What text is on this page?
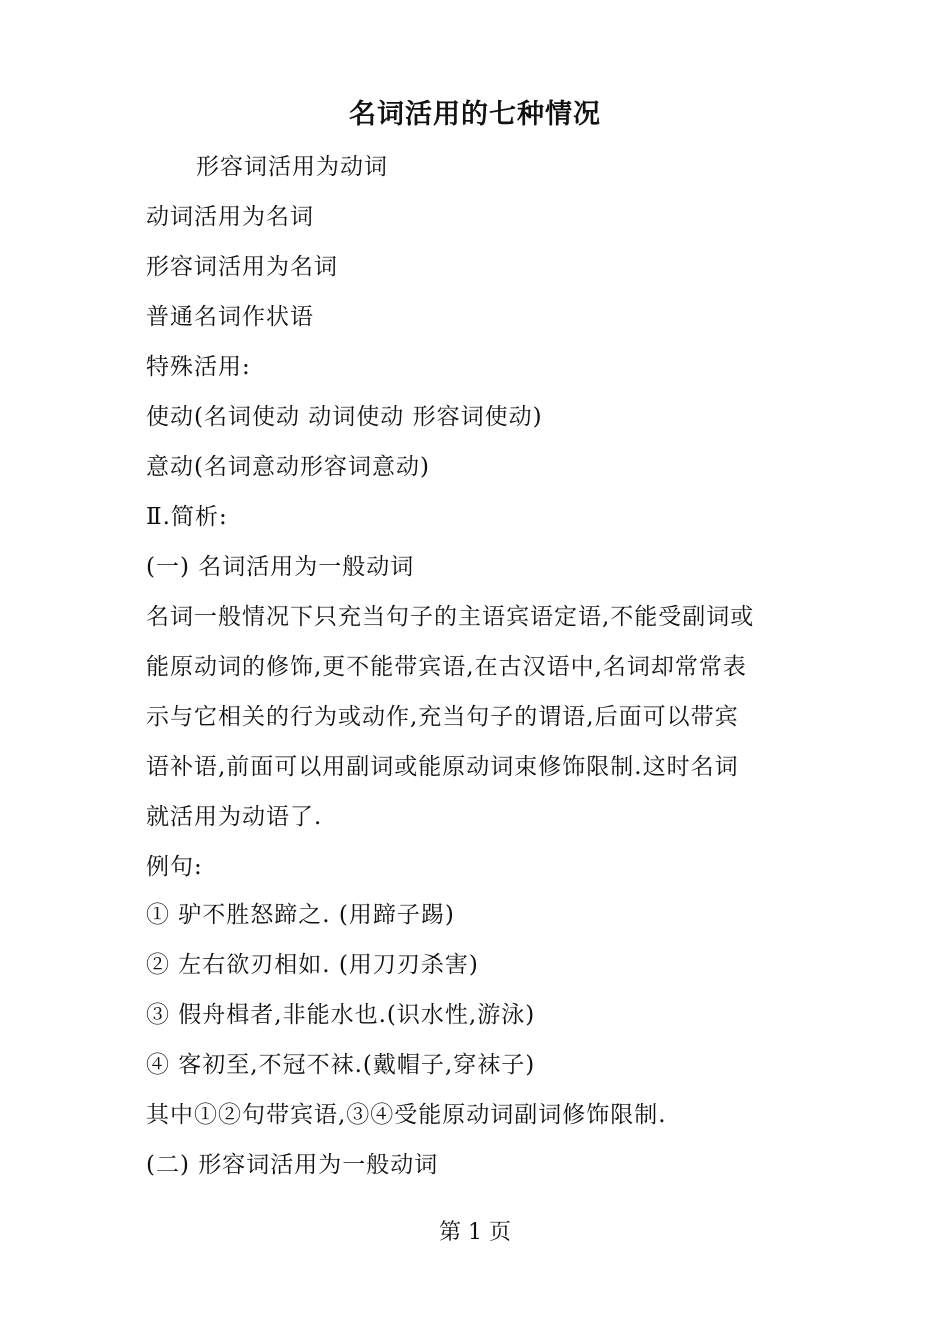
名词活用的七种情况
形容词活用为动词
动词活用为名词
形容词活用为名词
普通名词作状语
特殊活用:
使动(名词使动 动词使动 形容词使动)
意动(名词意动形容词意动)
Ⅱ.简析:
(一) 名词活用为一般动词
名词一般情况下只充当句子的主语宾语定语,不能受副词或
能原动词的修饰,更不能带宾语,在古汉语中,名词却常常表
示与它相关的行为或动作,充当句子的谓语,后面可以带宾
语补语,前面可以用副词或能原动词束修饰限制.这时名词
就活用为动语了.
例句:
① 驴不胜怒蹄之. (用蹄子踢)
② 左右欲刃相如. (用刀刃杀害)
③ 假舟楫者,非能水也.(识水性,游泳)
④ 客初至,不冠不袜.(戴帽子,穿袜子)
其中①②句带宾语,③④受能原动词副词修饰限制.
(二) 形容词活用为一般动词
第 1 页
